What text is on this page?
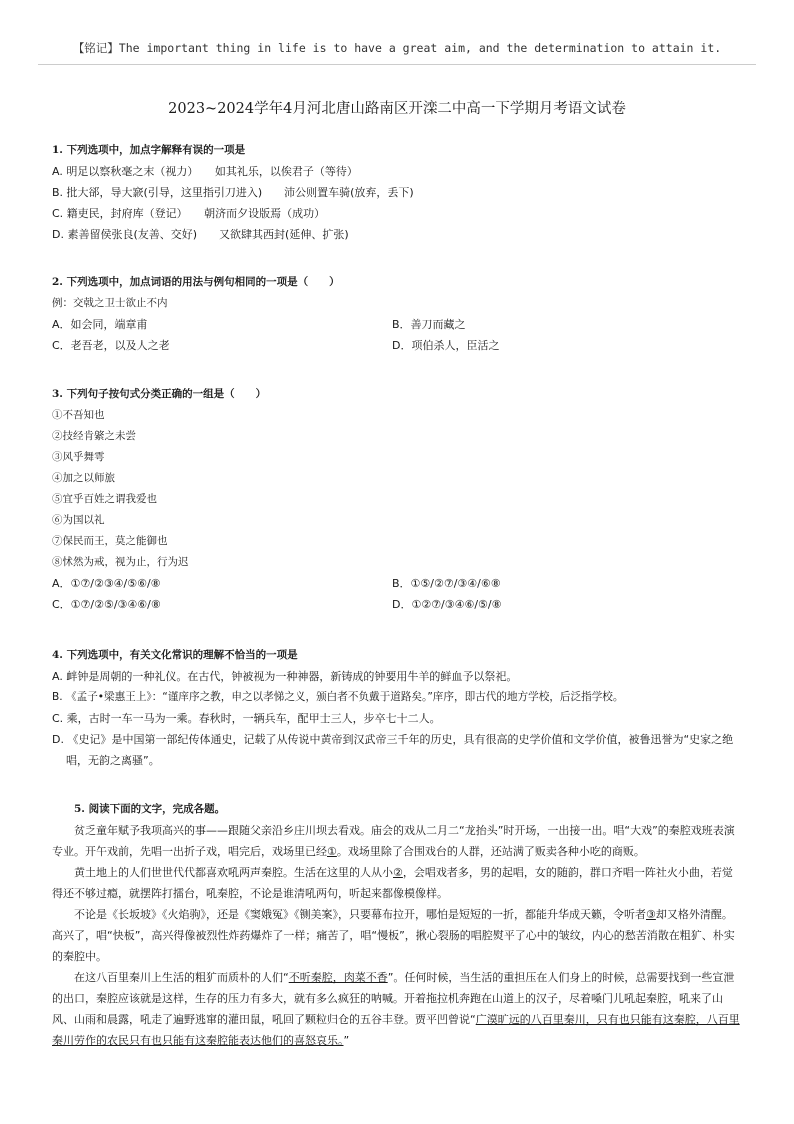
【铭记】The important thing in life is to have a great aim, and the determination to attain it.
2023~2024学年4月河北唐山路南区开滦二中高一下学期月考语文试卷
1. 下列选项中，加点字解释有误的一项是
A. 明足以察秋毫之末（视力）　　如其礼乐，以俟君子（等待）
B. 批大郤，导大窾(引导，这里指引刀进入)　　沛公则置车骑(放弃，丢下)
C. 籍吏民，封府库（登记）　　朝济而夕设版焉（成功）
D. 素善留侯张良(友善、交好)　　又欲肆其西封(延伸、扩张)
2. 下列选项中，加点词语的用法与例句相同的一项是（　　）
例：交戟之卫士欲止不内
A．如会同，端章甫	B．善刀而藏之
C．老吾老，以及人之老	D．项伯杀人，臣活之
3. 下列句子按句式分类正确的一组是（　　）
①不吾知也
②技经肯綮之未尝
③风乎舞雩
④加之以师旅
⑤宜乎百姓之谓我爱也
⑥为国以礼
⑦保民而王，莫之能御也
⑧怵然为戒，视为止，行为迟
A．①⑦/②③④/⑤⑥/⑧	B．①⑤/②⑦/③④/⑥⑧
C．①⑦/②⑤/③④⑥/⑧	D．①②⑦/③④⑥/⑤/⑧
4. 下列选项中，有关文化常识的理解不恰当的一项是
A. 衅钟是周朝的一种礼仪。在古代，钟被视为一种神器，新铸成的钟要用牛羊的鲜血予以祭祀。
B. 《孟子•梁惠王上》：“谨庠序之教，申之以孝悌之义，颁白者不负戴于道路矣。”庠序，即古代的地方学校，后泛指学校。
C. 乘，古时一车一马为一乘。春秋时，一辆兵车，配甲士三人，步卒七十二人。
D. 《史记》是中国第一部纪传体通史，记载了从传说中黄帝到汉武帝三千年的历史，具有很高的史学价值和文学价值，被鲁迅誉为“史家之绝唱，无韵之离骚”。
5. 阅读下面的文字，完成各题。

贫乏童年赋予我项高兴的事——跟随父亲沿乡庄川坝去看戏。庙会的戏从二月二“龙抬头”时开场，一出接一出。唱“大戏”的秦腔戏班表演专业。开午戏前，先唱一出折子戏，唱完后，戏场里已经①。戏场里除了合围戏台的人群，还站满了贩卖各种小吃的商贩。

黄土地上的人们世世代代都喜欢吼两声秦腔。生活在这里的人从小②，会唱戏者多，男的起唱，女的随韵，群口齐唱一阵社火小曲，若觉得还不够过瘾，就摆阵打擂台，吼秦腔，不论是谁清吼两句，听起来都像模像样。

不论是《长坂坡》《火焰驹》，还是《窦娥冤》《铡美案》，只要幕布拉开，哪怕是短短的一折，都能升华成天籁，令听者③却又格外清醒。高兴了，唱“快板”，高兴得像被烈性炸药爆炸了一样；痛苦了，唱“慢板”，揪心裂肠的唱腔熨平了心中的皱纹，内心的愁苦消散在粗犷、朴实的秦腔中。

在这八百里秦川上生活的粗犷而质朴的人们“不听秦腔，肉菜不香”。任何时候，当生活的重担压在人们身上的时候，总需要找到一些宣泄的出口，秦腔应该就是这样，生存的压力有多大，就有多么疯狂的呐喊。开着拖拉机奔跑在山道上的汉子，尽着嗓门儿吼起秦腔，吼来了山风、山雨和晨露，吼走了遍野逃窜的灌田鼠，吼回了颗粒归仓的五谷丰登。贾平凹曾说“广漠旷远的八百里秦川，只有也只能有这秦腔，八百里秦川劳作的农民只有也只能有这秦腔能表达他们的喜怒哀乐。”
